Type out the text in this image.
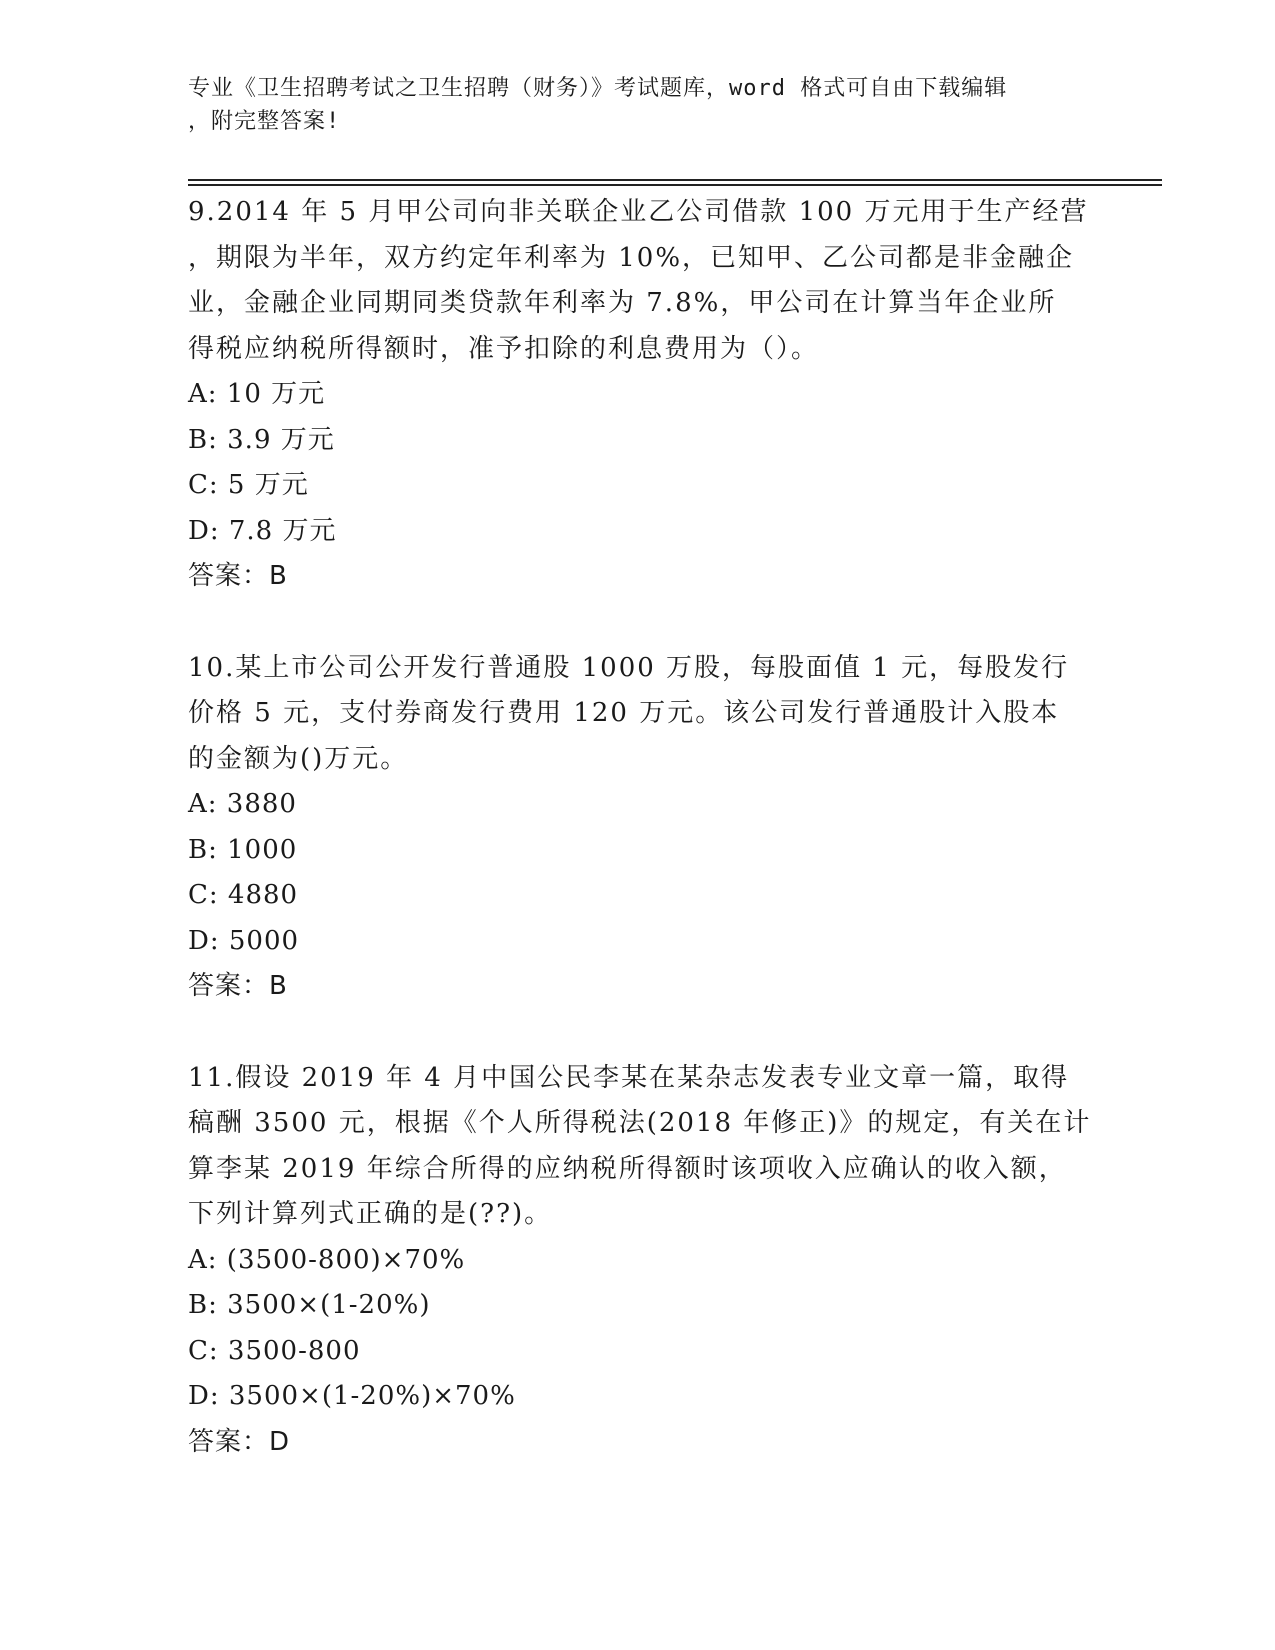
专业《卫生招聘考试之卫生招聘（财务）》考试题库，word 格式可自由下载编辑
，附完整答案!

9.2014 年 5 月甲公司向非关联企业乙公司借款 100 万元用于生产经营
，期限为半年，双方约定年利率为 10%，已知甲、乙公司都是非金融企
业，金融企业同期同类贷款年利率为 7.8%，甲公司在计算当年企业所
得税应纳税所得额时，准予扣除的利息费用为（）。

A: 10 万元

B: 3.9 万元

C: 5 万元

D: 7.8 万元

答案：B

10.某上市公司公开发行普通股 1000 万股，每股面值 1 元，每股发行
价格 5 元，支付券商发行费用 120 万元。该公司发行普通股计入股本
的金额为()万元。

A: 3880

B: 1000

C: 4880

D: 5000

答案：B

11.假设 2019 年 4 月中国公民李某在某杂志发表专业文章一篇，取得
稿酬 3500 元，根据《个人所得税法(2018 年修正)》的规定，有关在计
算李某 2019 年综合所得的应纳税所得额时该项收入应确认的收入额，
下列计算列式正确的是(??)。

A: (3500-800)×70%

B: 3500×(1-20%)

C: 3500-800

D: 3500×(1-20%)×70%

答案：D
